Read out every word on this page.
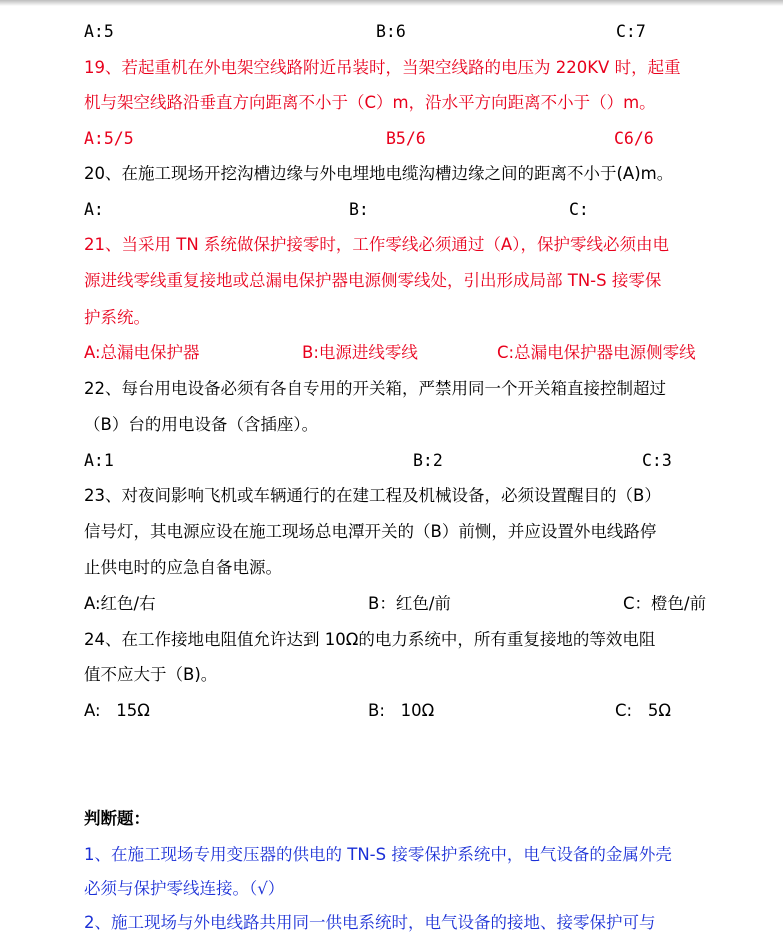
A:5	B:6	C:7
19、若起重机在外电架空线路附近吊装时，当架空线路的电压为 220KV 时，起重
机与架空线路沿垂直方向距离不小于（C）m，沿水平方向距离不小于（）m。
A:5/5	B5/6	C6/6
20、在施工现场开挖沟槽边缘与外电埋地电缆沟槽边缘之间的距离不小于(A)m。
A:	B:	C:
21、当采用 TN 系统做保护接零时，工作零线必须通过（A），保护零线必须由电
源进线零线重复接地或总漏电保护器电源侧零线处，引出形成局部 TN-S 接零保
护系统。
A:总漏电保护器	B:电源进线零线	C:总漏电保护器电源侧零线
22、每台用电设备必须有各自专用的开关箱，严禁用同一个开关箱直接控制超过
（B）台的用电设备（含插座）。
A:1	B:2	C:3
23、对夜间影响飞机或车辆通行的在建工程及机械设备，必须设置醒目的（B）
信号灯，其电源应设在施工现场总电潭开关的（B）前恻，并应设置外电线路停
止供电时的应急自备电源。
A:红色/右	B：红色/前	C：橙色/前
24、在工作接地电阻值允许达到 10Ω的电力系统中，所有重复接地的等效电阻
值不应大于（B)。
A:   15Ω	B:   10Ω	C:   5Ω
判断题：
1、在施工现场专用变压器的供电的 TN-S 接零保护系统中，电气设备的金属外壳
必须与保护零线连接。（√）
2、施工现场与外电线路共用同一供电系统时，电气设备的接地、接零保护可与
